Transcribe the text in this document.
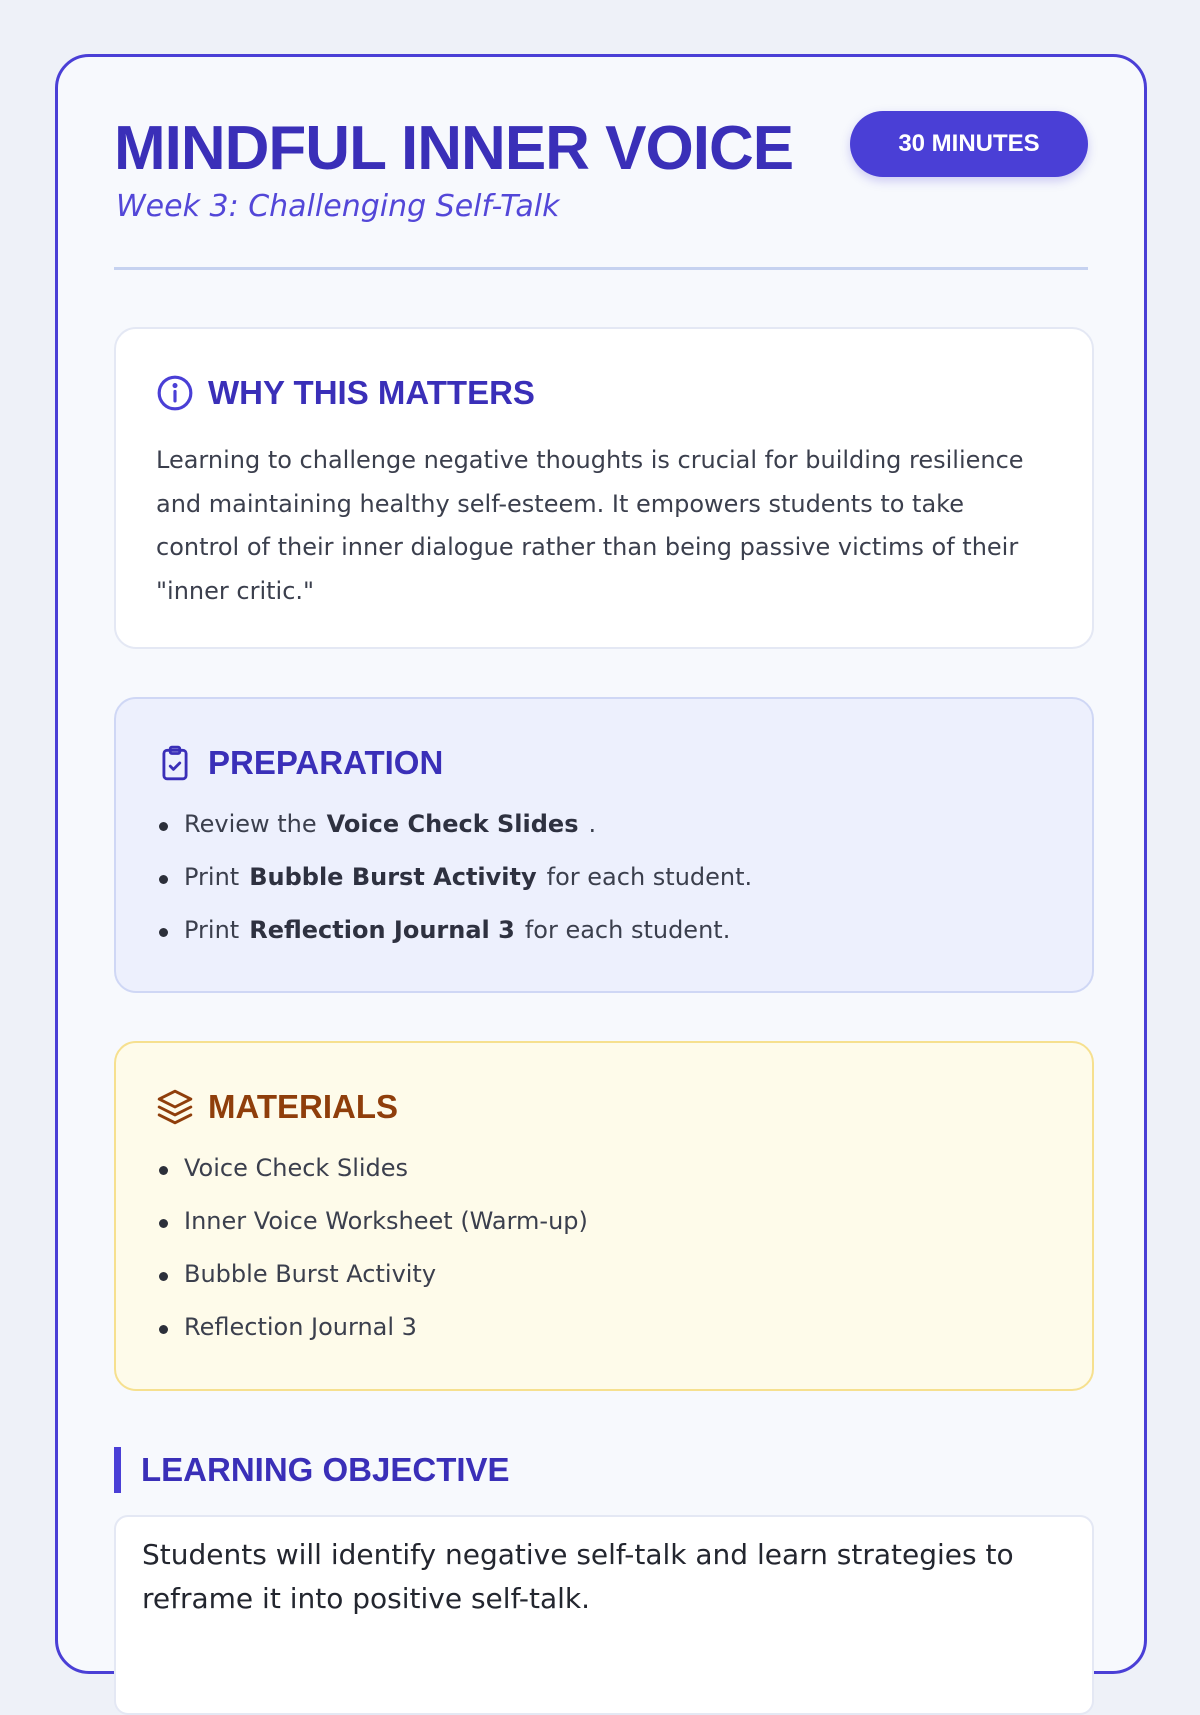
MINDFUL INNER VOICE
Week 3: Challenging Self-Talk
30 MINUTES
WHY THIS MATTERS

Learning to challenge negative thoughts is crucial for building resilience and maintaining healthy self-esteem. It empowers students to take control of their inner dialogue rather than being passive victims of their "inner critic."

PREPARATION
Review the Voice Check Slides .
Print Bubble Burst Activity for each student.
Print Reflection Journal 3 for each student.
MATERIALS
Voice Check Slides
Inner Voice Worksheet (Warm-up)
Bubble Burst Activity
Reflection Journal 3
LEARNING OBJECTIVE

Students will identify negative self-talk and learn strategies to reframe it into positive self-talk.
